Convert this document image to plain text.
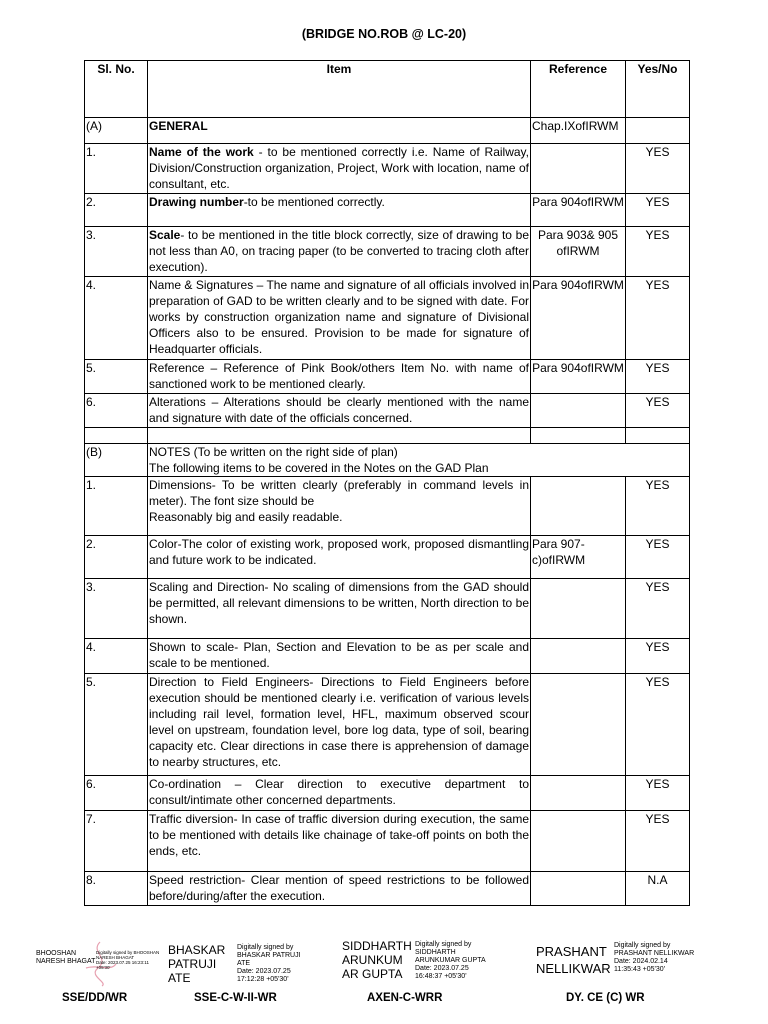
(BRIDGE NO.ROB @ LC-20)
Sl. No.	Item	Reference	Yes/No
(A)	GENERAL	Chap.IXofIRWM	
1.	Name of the work - to be mentioned correctly i.e. Name of Railway, Division/Construction organization, Project, Work with location, name of consultant, etc.		YES
2.	Drawing number-to be mentioned correctly.	Para 904ofIRWM	YES
3.	Scale- to be mentioned in the title block correctly, size of drawing to be not less than A0, on tracing paper (to be converted to tracing cloth after execution).	Para 903& 905 ofIRWM	YES
4.	Name & Signatures – The name and signature of all officials involved in preparation of GAD to be written clearly and to be signed with date. For works by construction organization name and signature of Divisional Officers also to be ensured. Provision to be made for signature of Headquarter officials.	Para 904ofIRWM	YES
5.	Reference – Reference of Pink Book/others Item No. with name of sanctioned work to be mentioned clearly.	Para 904ofIRWM	YES
6.	Alterations – Alterations should be clearly mentioned with the name and signature with date of the officials concerned.		YES

(B)	NOTES (To be written on the right side of plan)
The following items to be covered in the Notes on the GAD Plan		

1.	Dimensions- To be written clearly (preferably in command levels in meter). The font size should be
Reasonably big and easily readable.		YES
2.	Color-The color of existing work, proposed work, proposed dismantling and future work to be indicated.	Para 907-c)ofIRWM	YES
3.	Scaling and Direction- No scaling of dimensions from the GAD should be permitted, all relevant dimensions to be written, North direction to be shown.		YES
4.	Shown to scale- Plan, Section and Elevation to be as per scale and scale to be mentioned.		YES
5.	Direction to Field Engineers- Directions to Field Engineers before execution should be mentioned clearly i.e. verification of various levels including rail level, formation level, HFL, maximum observed scour level on upstream, foundation level, bore log data, type of soil, bearing capacity etc. Clear directions in case there is apprehension of damage to nearby structures, etc.		YES
6.	Co-ordination – Clear direction to executive department to consult/intimate other concerned departments.		YES
7.	Traffic diversion- In case of traffic diversion during execution, the same to be mentioned with details like chainage of take-off points on both the ends, etc.		YES
8.	Speed restriction- Clear mention of speed restrictions to be followed before/during/after the execution.		N.A
BHOOSHAN
NARESH BHAGAT
Digitally signed by BHOOSHAN
NARESH BHAGAT
Date: 2023.07.25 16:23:11
+05'30'
BHASKAR
PATRUJI
ATE
Digitally signed by
BHASKAR PATRUJI
ATE
Date: 2023.07.25
17:12:28 +05'30'
SIDDHARTH
ARUNKUM
AR GUPTA
Digitally signed by
SIDDHARTH
ARUNKUMAR GUPTA
Date: 2023.07.25
16:48:37 +05'30'
PRASHANT
NELLIKWAR
Digitally signed by
PRASHANT NELLIKWAR
Date: 2024.02.14
11:35:43 +05'30'
SSE/DD/WR	SSE-C-W-II-WR	AXEN-C-WRR	DY. CE (C) WR
